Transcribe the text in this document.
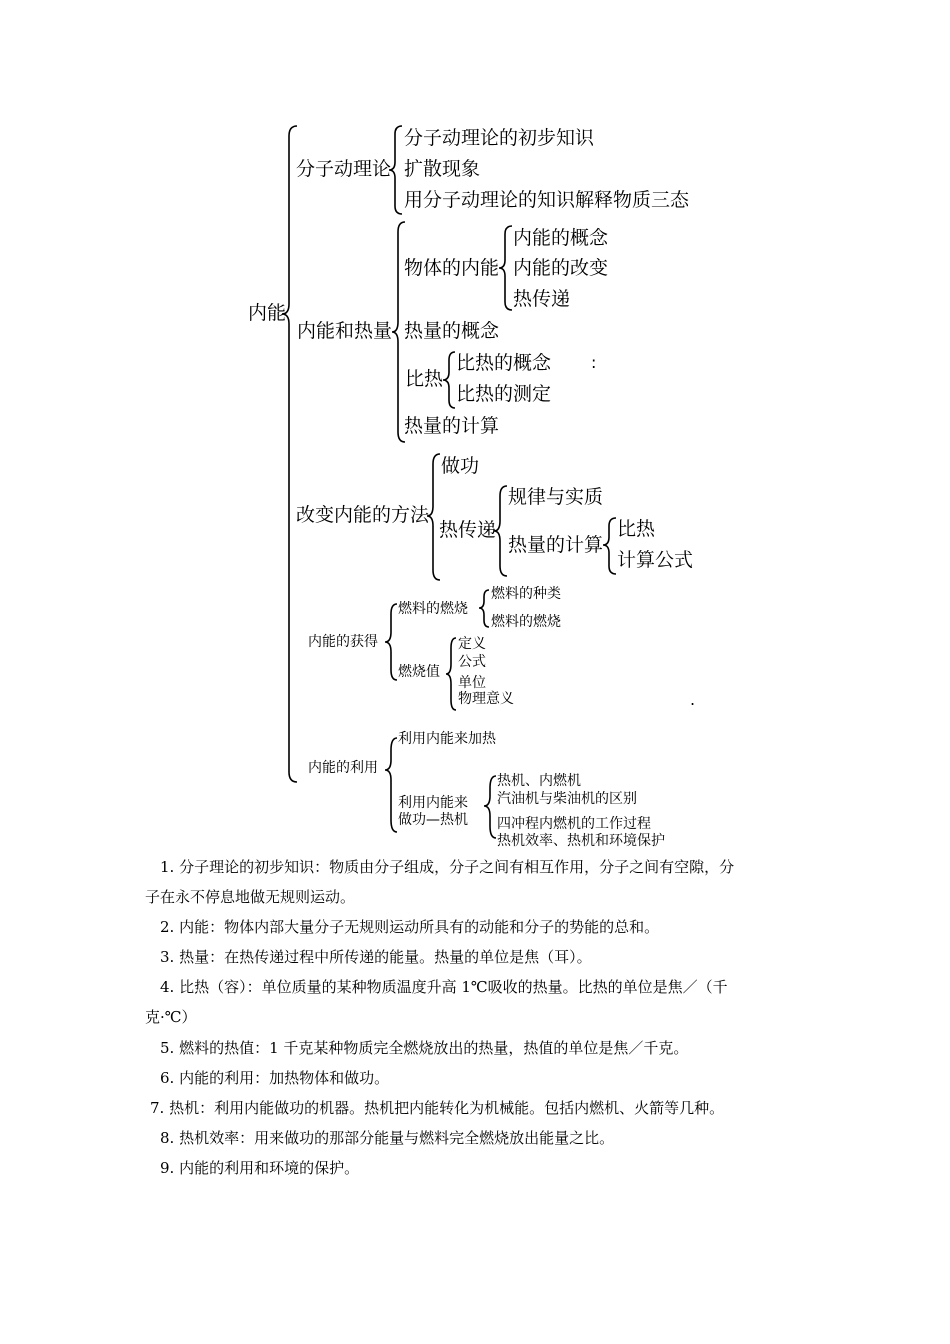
内能
分子动理论
内能和热量
改变内能的方法
内能的获得
内能的利用
分子动理论的初步知识
扩散现象
用分子动理论的知识解释物质三态
物体的内能
内能的概念
内能的改变
热传递
热量的概念
比热
比热的概念
比热的测定
:
热量的计算
做功
热传递
规律与实质
热量的计算
比热
计算公式
燃料的燃烧
燃料的种类
燃料的燃烧
燃烧值
定义
公式
单位
物理意义	.
利用内能来加热
利用内能来
做功—热机
热机、内燃机
汽油机与柴油机的区别
四冲程内燃机的工作过程
热机效率、热机和环境保护
1. 分子理论的初步知识：物质由分子组成，分子之间有相互作用，分子之间有空隙，分
子在永不停息地做无规则运动。
2. 内能：物体内部大量分子无规则运动所具有的动能和分子的势能的总和。
3. 热量：在热传递过程中所传递的能量。热量的单位是焦（耳）。
4. 比热（容）：单位质量的某种物质温度升高 1℃吸收的热量。比热的单位是焦／（千
克·℃）
5. 燃料的热值：1 千克某种物质完全燃烧放出的热量，热值的单位是焦／千克。
6. 内能的利用：加热物体和做功。
7. 热机：利用内能做功的机器。热机把内能转化为机械能。包括内燃机、火箭等几种。
8. 热机效率：用来做功的那部分能量与燃料完全燃烧放出能量之比。
9. 内能的利用和环境的保护。
